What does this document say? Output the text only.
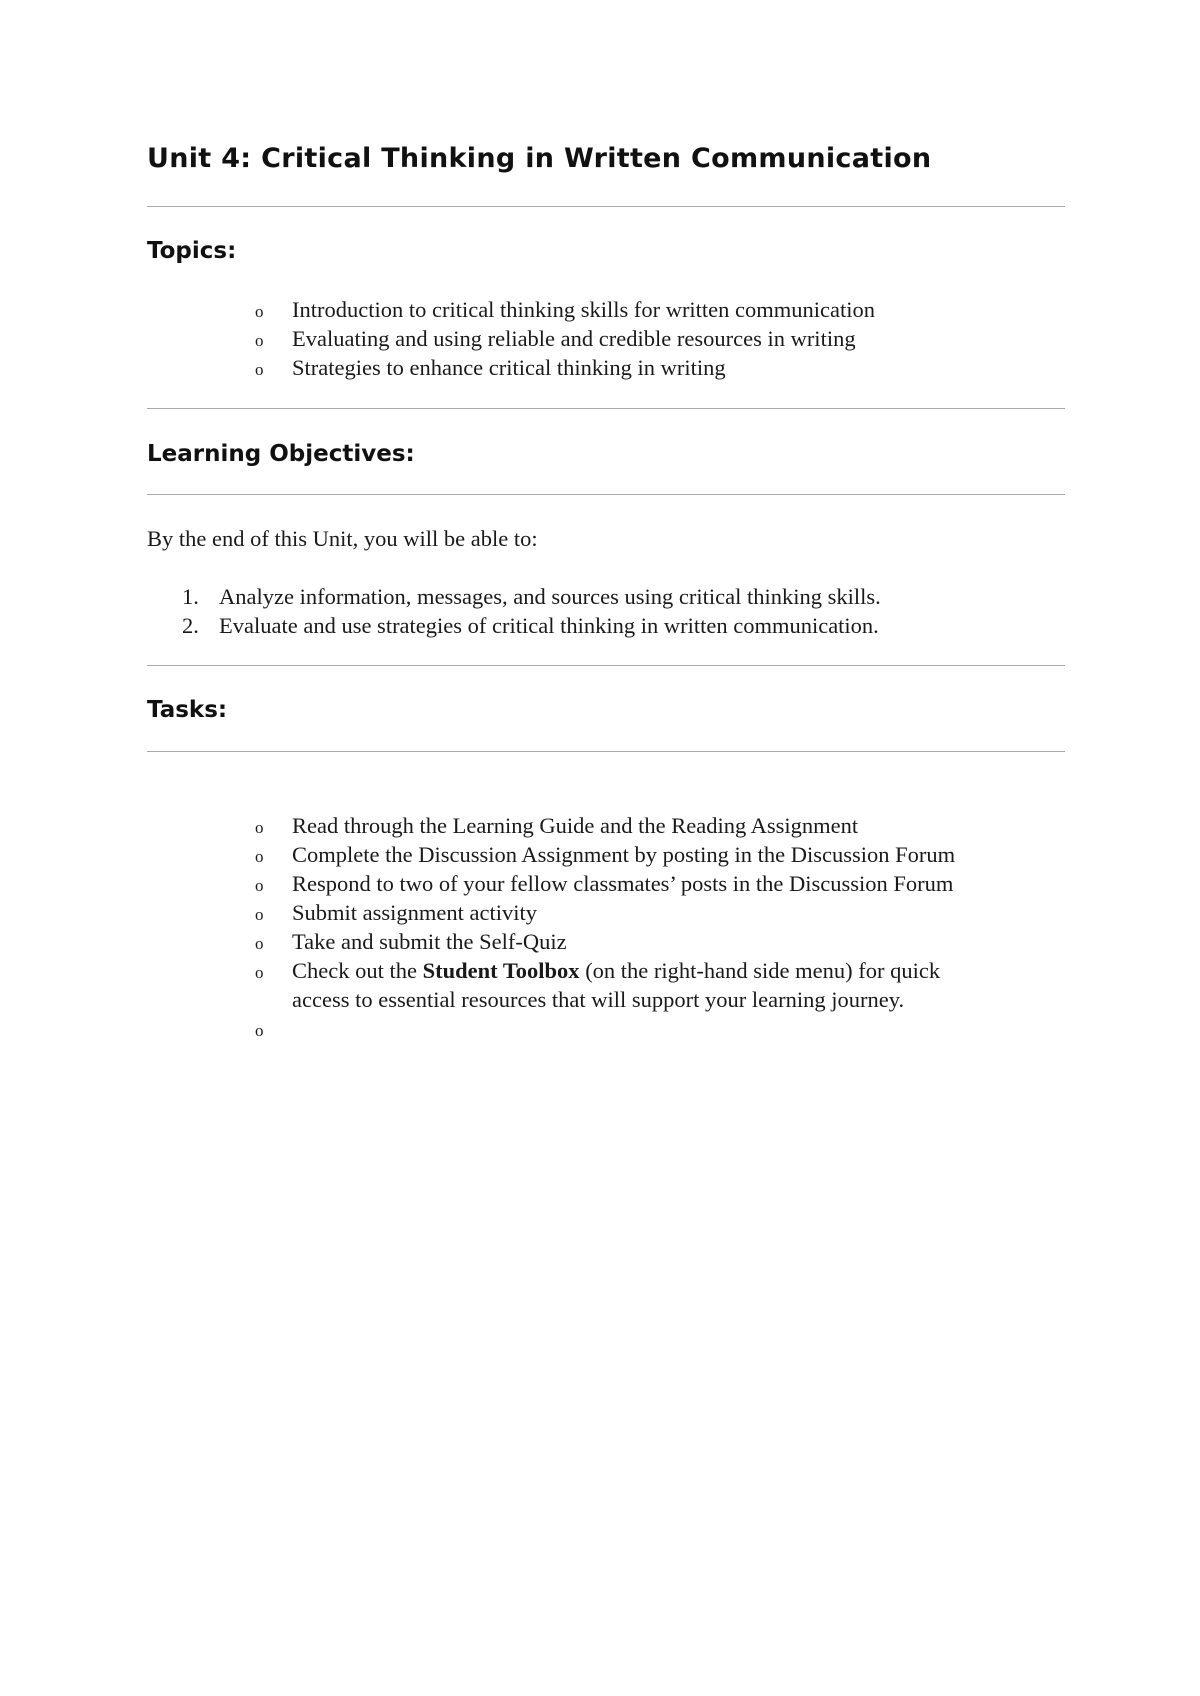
Unit 4: Critical Thinking in Written Communication
Topics:
o Introduction to critical thinking skills for written communication
o Evaluating and using reliable and credible resources in writing
o Strategies to enhance critical thinking in writing
Learning Objectives:

By the end of this Unit, you will be able to:

1. Analyze information, messages, and sources using critical thinking skills.
2. Evaluate and use strategies of critical thinking in written communication.
Tasks:
o Read through the Learning Guide and the Reading Assignment
o Complete the Discussion Assignment by posting in the Discussion Forum
o Respond to two of your fellow classmates’ posts in the Discussion Forum
o Submit assignment activity
o Take and submit the Self-Quiz
o Check out the Student Toolbox (on the right-hand side menu) for quick
access to essential resources that will support your learning journey.
o
